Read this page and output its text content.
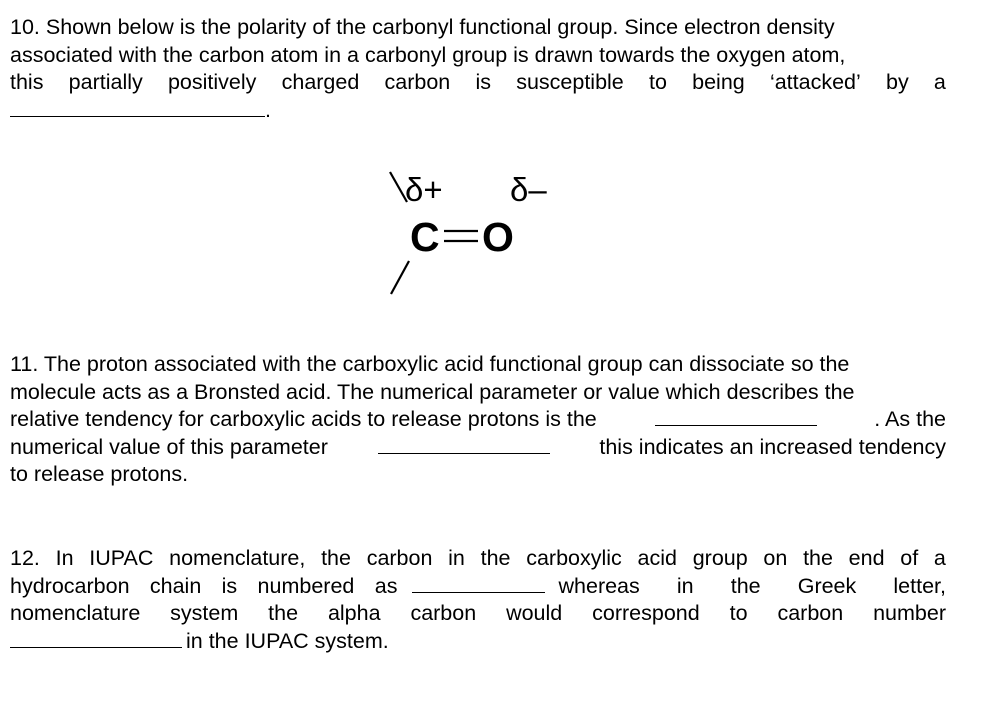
10. Shown below is the polarity of the carbonyl functional group. Since electron density
associated with the carbon atom in a carbonyl group is drawn towards the oxygen atom,
this partially positively charged carbon is susceptible to being ‘attacked’ by a
.
δ+ δ–
C O
11. The proton associated with the carboxylic acid functional group can dissociate so the
molecule acts as a Bronsted acid. The numerical parameter or value which describes the
relative tendency for carboxylic acids to release protons is the	. As the
numerical value of this parameter	this indicates an increased tendency
to release protons.
12. In IUPAC nomenclature, the carbon in the carboxylic acid group on the end of a
hydrocarbon chain is numbered as	whereas in the Greek letter,
nomenclature system the alpha carbon would correspond to carbon number
in the IUPAC system.
